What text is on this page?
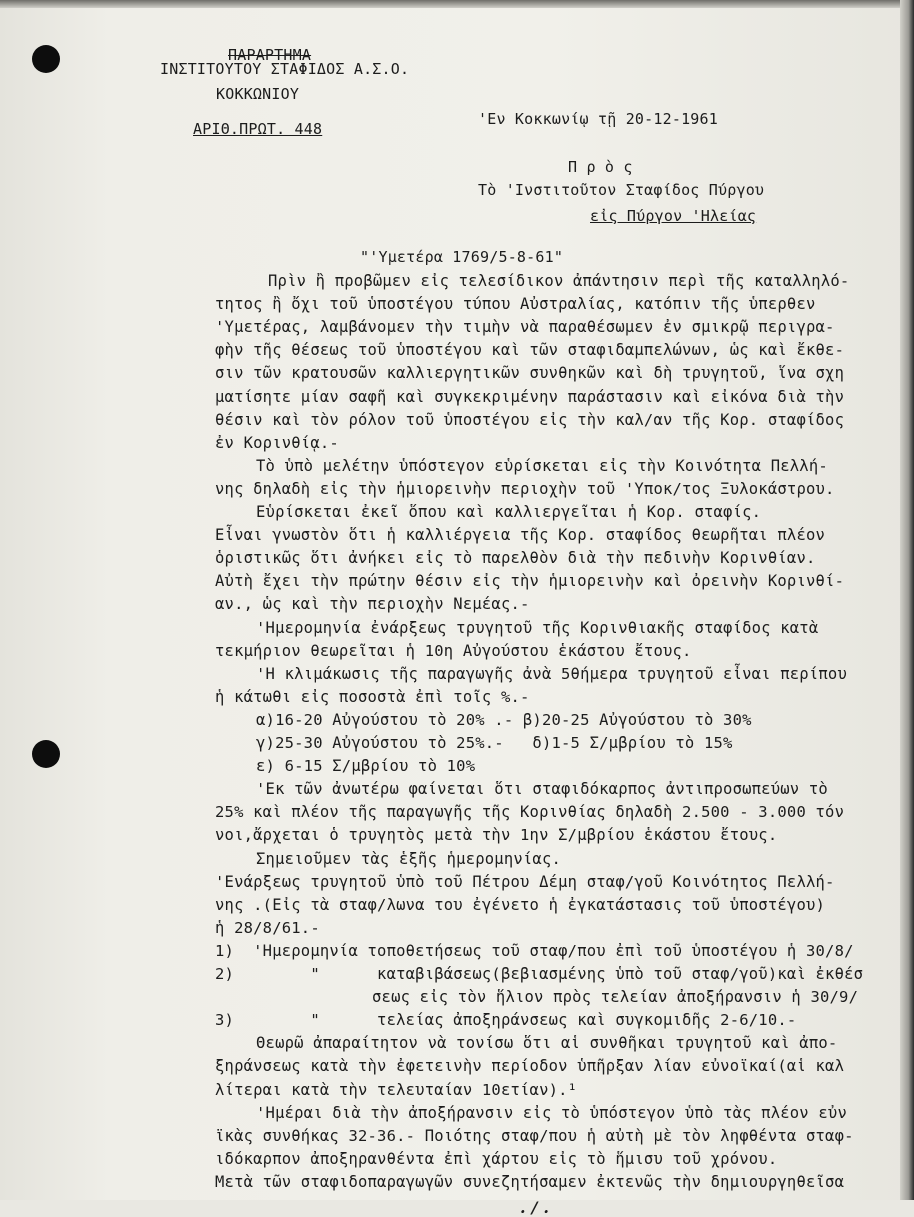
ΠΑΡΑΡΤΗΜΑ
ΙΝΣΤΙΤΟΥΤΟΥ ΣΤΑΦΙΔΟΣ Α.Σ.Ο.
ΚΟΚΚΩΝΙΟΥ
ΑΡΙΘ.ΠΡΩΤ. 448
'Εν Κοκκωνίῳ τῇ 20-12-1961
Π ρ ὸ ς
Τὸ 'Ινστιτοῦτον Σταφίδος Πύργου
εἰς Πύργον 'Ηλείας
"'Υμετέρα 1769/5-8-61"
Πρὶν ἢ προβῶμεν εἰς τελεσίδικον ἀπάντησιν περὶ τῆς καταλληλό-
τητος ἢ ὄχι τοῦ ὑποστέγου τύπου Αὐστραλίας, κατόπιν τῆς ὑπερθεν
'Υμετέρας, λαμβάνομεν τὴν τιμὴν νὰ παραθέσωμεν ἐν σμικρῷ περιγρα-
φὴν τῆς θέσεως τοῦ ὑποστέγου καὶ τῶν σταφιδαμπελώνων, ὡς καὶ ἔκθε-
σιν τῶν κρατουσῶν καλλιεργητικῶν συνθηκῶν καὶ δὴ τρυγητοῦ, ἵνα σχη
ματίσητε μίαν σαφῆ καὶ συγκεκριμένην παράστασιν καὶ εἰκόνα διὰ τὴν
θέσιν καὶ τὸν ρόλον τοῦ ὑποστέγου εἰς τὴν καλ/αν τῆς Κορ. σταφίδος
ἐν Κορινθίᾳ.-
Τὸ ὑπὸ μελέτην ὑπόστεγον εὑρίσκεται εἰς τὴν Κοινότητα Πελλή-
νης δηλαδὴ εἰς τὴν ἡμιορεινὴν περιοχὴν τοῦ 'Υποκ/τος Ξυλοκάστρου.
Εὑρίσκεται ἐκεῖ ὅπου καὶ καλλιεργεῖται ἡ Κορ. σταφίς.
Εἶναι γνωστὸν ὅτι ἡ καλλιέργεια τῆς Κορ. σταφίδος θεωρῆται πλέον
ὁριστικῶς ὅτι ἀνήκει εἰς τὸ παρελθὸν διὰ τὴν πεδινὴν Κορινθίαν.
Αὐτὴ ἔχει τὴν πρώτην θέσιν εἰς τὴν ἡμιορεινὴν καὶ ὀρεινὴν Κορινθί-
αν., ὡς καὶ τὴν περιοχὴν Νεμέας.-
'Ημερομηνία ἐνάρξεως τρυγητοῦ τῆς Κορινθιακῆς σταφίδος κατὰ
τεκμήριον θεωρεῖται ἡ 10η Αὐγούστου ἑκάστου ἔτους.
'Η κλιμάκωσις τῆς παραγωγῆς ἀνὰ 5θήμερα τρυγητοῦ εἶναι περίπου
ἡ κάτωθι εἰς ποσοστὰ ἐπὶ τοῖς %.-
α)16-20 Αὐγούστου τὸ 20% .- β)20-25 Αὐγούστου τὸ 30%
γ)25-30 Αὐγούστου τὸ 25%.-   δ)1-5 Σ/μβρίου τὸ 15%
ε) 6-15 Σ/μβρίου τὸ 10%
'Εκ τῶν ἀνωτέρω φαίνεται ὅτι σταφιδόκαρπος ἀντιπροσωπεύων τὸ
25% καὶ πλέον τῆς παραγωγῆς τῆς Κορινθίας δηλαδὴ 2.500 - 3.000 τόν
νοι,ἄρχεται ὁ τρυγητὸς μετὰ τὴν 1ην Σ/μβρίου ἑκάστου ἔτους.
Σημειοῦμεν τὰς ἑξῆς ἡμερομηνίας.
'Ενάρξεως τρυγητοῦ ὑπὸ τοῦ Πέτρου Δέμη σταφ/γοῦ Κοινότητος Πελλή-
νης .(Εἰς τὰ σταφ/λωνα του ἐγένετο ἡ ἐγκατάστασις τοῦ ὑποστέγου)
ἡ 28/8/61.-
1)  'Ημερομηνία τοποθετήσεως τοῦ σταφ/που ἐπὶ τοῦ ὑποστέγου ἡ 30/8/
2)        "      καταβιβάσεως(βεβιασμένης ὑπὸ τοῦ σταφ/γοῦ)καὶ ἐκθέσ
σεως εἰς τὸν ἥλιον πρὸς τελείαν ἀποξήρανσιν ἡ 30/9/
3)        "      τελείας ἀποξηράνσεως καὶ συγκομιδῆς 2-6/10.-
Θεωρῶ ἀπαραίτητον νὰ τονίσω ὅτι αἱ συνθῆκαι τρυγητοῦ καὶ ἀπο-
ξηράνσεως κατὰ τὴν ἐφετεινὴν περίοδον ὑπῆρξαν λίαν εὐνοϊκαί(αἱ καλ
λίτεραι κατὰ τὴν τελευταίαν 10ετίαν).¹
'Ημέραι διὰ τὴν ἀποξήρανσιν εἰς τὸ ὑπόστεγον ὑπὸ τὰς πλέον εὐν
ϊκὰς συνθήκας 32-36.- Ποιότης σταφ/που ἡ αὐτὴ μὲ τὸν ληφθέντα σταφ-
ιδόκαρπον ἀποξηρανθέντα ἐπὶ χάρτου εἰς τὸ ἥμισυ τοῦ χρόνου.
Μετὰ τῶν σταφιδοπαραγωγῶν συνεζητήσαμεν ἐκτενῶς τὴν δημιουργηθεῖσα
. / .
